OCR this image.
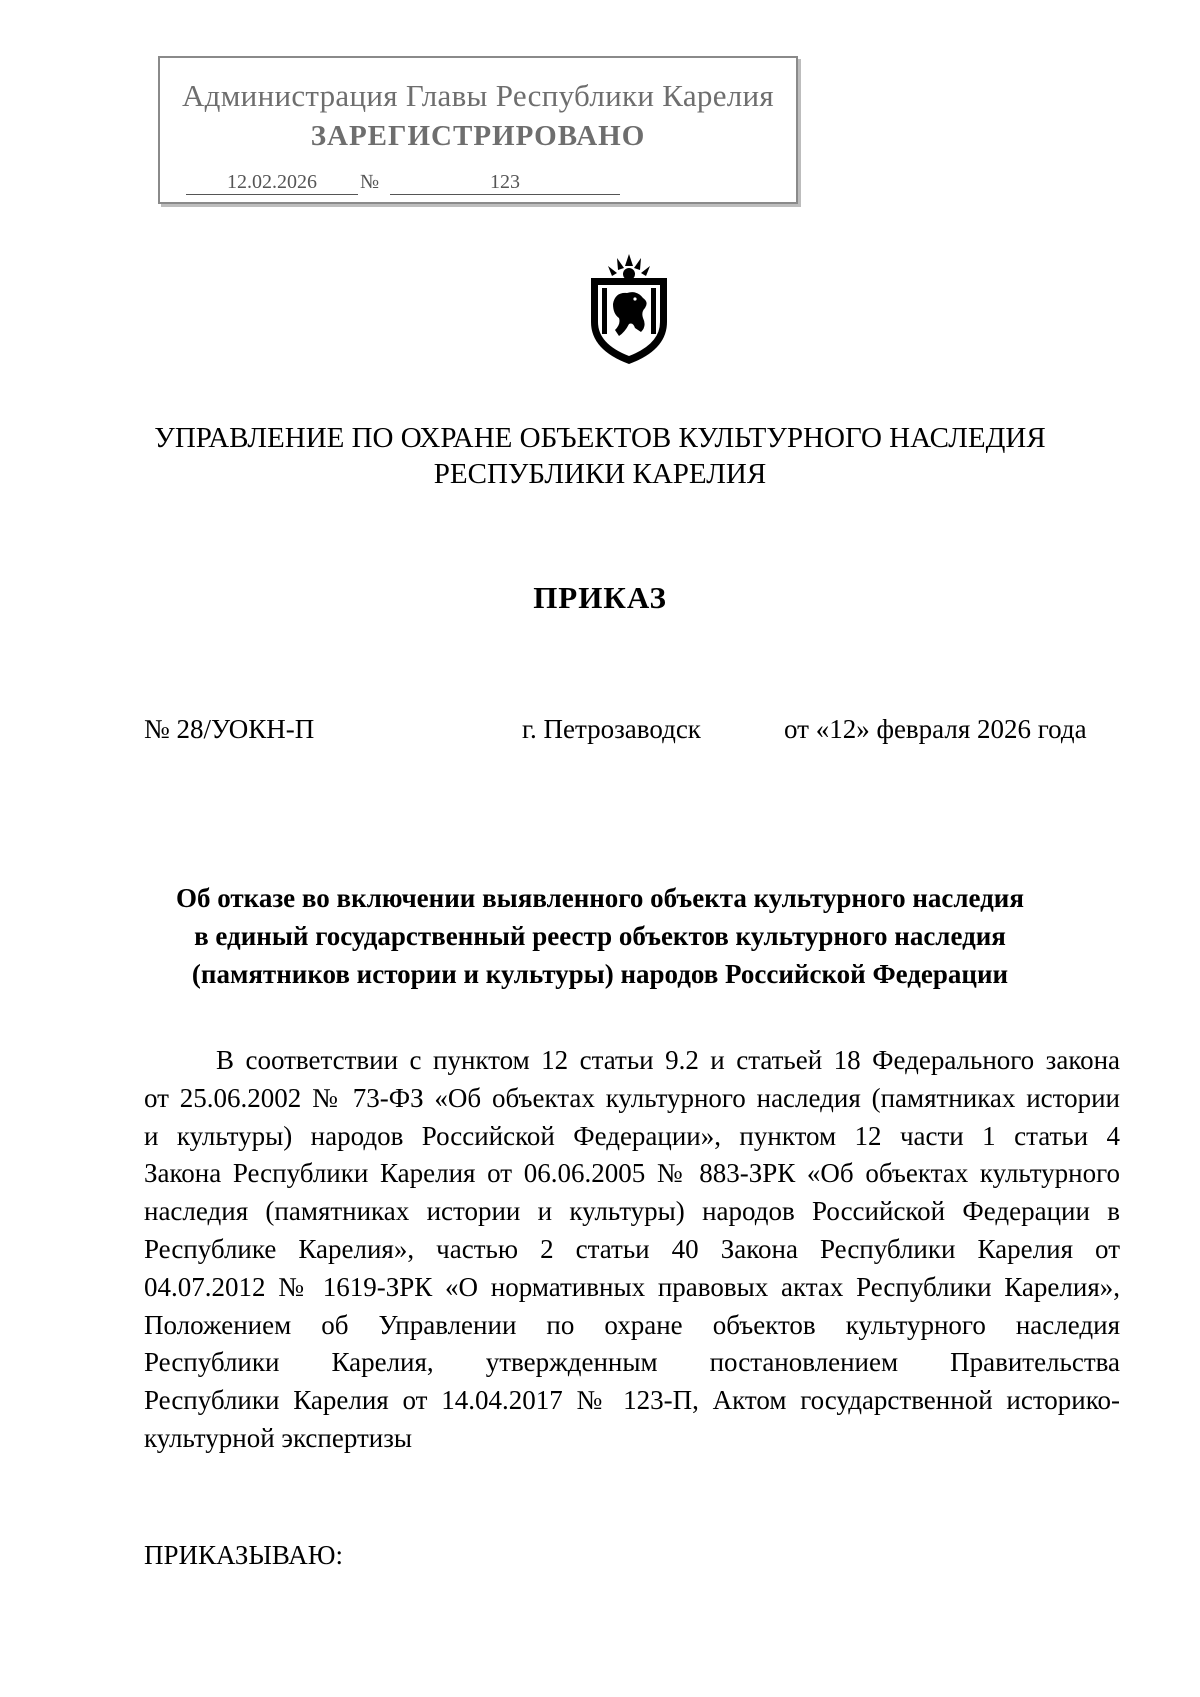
Администрация Главы Республики Карелия
ЗАРЕГИСТРИРОВАНО
12.02.2026	№	123
УПРАВЛЕНИЕ ПО ОХРАНЕ ОБЪЕКТОВ КУЛЬТУРНОГО НАСЛЕДИЯ
РЕСПУБЛИКИ КАРЕЛИЯ
ПРИКАЗ
№ 28/УОКН-П	г. Петрозаводск	от «12» февраля 2026 года
Об отказе во включении выявленного объекта культурного наследия
в единый государственный реестр объектов культурного наследия
(памятников истории и культуры) народов Российской Федерации
В соответствии с пунктом 12 статьи 9.2 и статьей 18 Федерального закона
от 25.06.2002 № 73-ФЗ «Об объектах культурного наследия (памятниках истории
и культуры) народов Российской Федерации», пунктом 12 части 1 статьи 4
Закона Республики Карелия от 06.06.2005 № 883-ЗРК «Об объектах культурного
наследия (памятниках истории и культуры) народов Российской Федерации в
Республике Карелия», частью 2 статьи 40 Закона Республики Карелия от
04.07.2012 № 1619-ЗРК «О нормативных правовых актах Республики Карелия»,
Положением об Управлении по охране объектов культурного наследия
Республики Карелия, утвержденным постановлением Правительства
Республики Карелия от 14.04.2017 № 123-П, Актом государственной историко-
культурной экспертизы
ПРИКАЗЫВАЮ:
